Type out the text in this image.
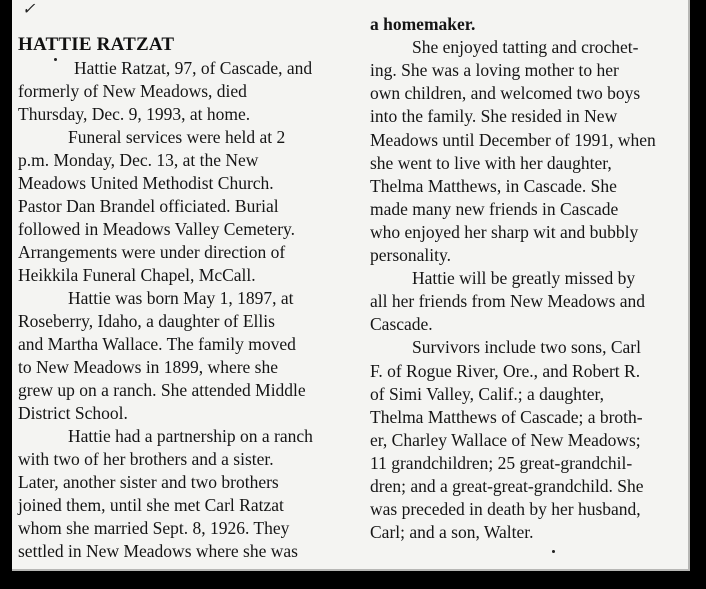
✓
HATTIE RATZAT
Hattie Ratzat, 97, of Cascade, and
formerly of New Meadows, died
Thursday, Dec. 9, 1993, at home.
Funeral services were held at 2
p.m. Monday, Dec. 13, at the New
Meadows United Methodist Church.
Pastor Dan Brandel officiated. Burial
followed in Meadows Valley Cemetery.
Arrangements were under direction of
Heikkila Funeral Chapel, McCall.
Hattie was born May 1, 1897, at
Roseberry, Idaho, a daughter of Ellis
and Martha Wallace. The family moved
to New Meadows in 1899, where she
grew up on a ranch. She attended Middle
District School.
Hattie had a partnership on a ranch
with two of her brothers and a sister.
Later, another sister and two brothers
joined them, until she met Carl Ratzat
whom she married Sept. 8, 1926. They
settled in New Meadows where she was
a homemaker.
She enjoyed tatting and crochet-
ing. She was a loving mother to her
own children, and welcomed two boys
into the family. She resided in New
Meadows until December of 1991, when
she went to live with her daughter,
Thelma Matthews, in Cascade. She
made many new friends in Cascade
who enjoyed her sharp wit and bubbly
personality.
Hattie will be greatly missed by
all her friends from New Meadows and
Cascade.
Survivors include two sons, Carl
F. of Rogue River, Ore., and Robert R.
of Simi Valley, Calif.; a daughter,
Thelma Matthews of Cascade; a broth-
er, Charley Wallace of New Meadows;
11 grandchildren; 25 great-grandchil-
dren; and a great-great-grandchild. She
was preceded in death by her husband,
Carl; and a son, Walter.
